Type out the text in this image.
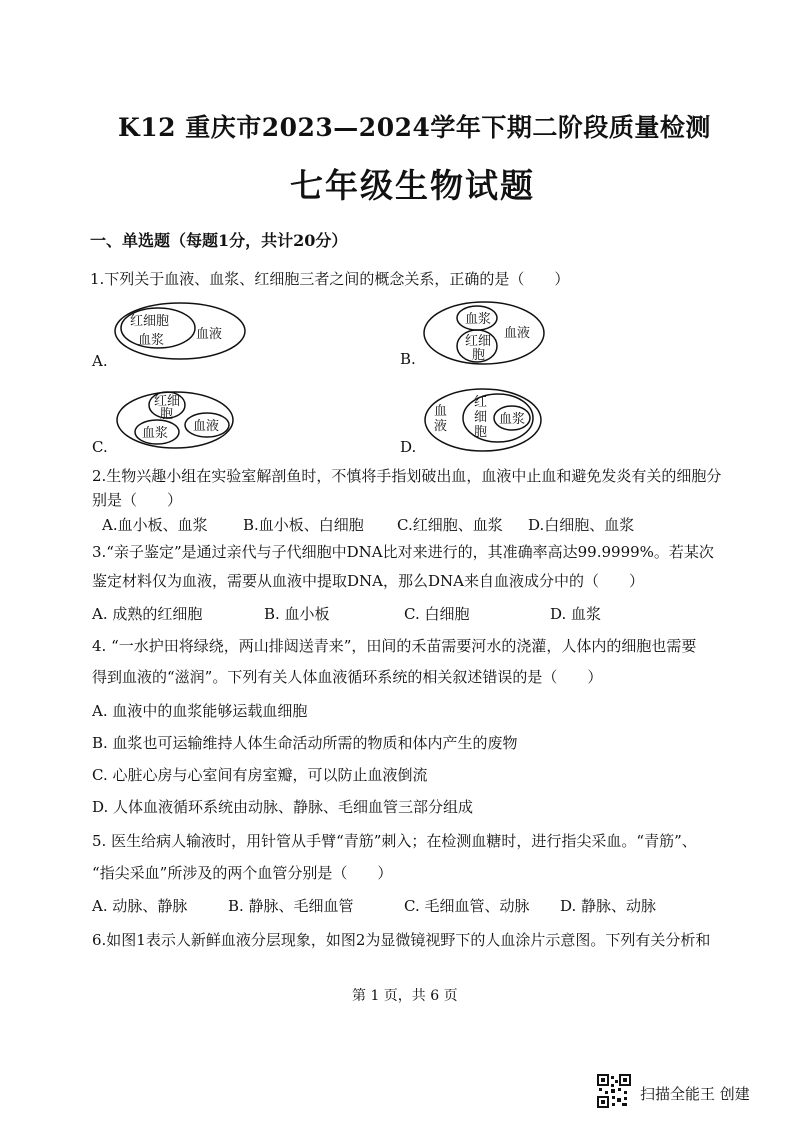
K12 重庆市2023—2024学年下期二阶段质量检测
七年级生物试题
一、单选题（每题1分，共计20分）
1.下列关于血液、血浆、红细胞三者之间的概念关系，正确的是（　　）
A.
红细胞
血浆 血液
B.
血浆
红细
胞
血液
C.
红细
胞
血浆 血液
D.
血
液
红
细
胞
血浆
2.生物兴趣小组在实验室解剖鱼时，不慎将手指划破出血，血液中止血和避免发炎有关的细胞分
别是（　　）
A.血小板、血浆 B.血小板、白细胞 C.红细胞、血浆 D.白细胞、血浆
3.“亲子鉴定”是通过亲代与子代细胞中DNA比对来进行的，其准确率高达99.9999%。若某次
鉴定材料仅为血液，需要从血液中提取DNA，那么DNA来自血液成分中的（　　）
A. 成熟的红细胞	B. 血小板	C. 白细胞	D. 血浆
4. “一水护田将绿绕，两山排闼送青来”，田间的禾苗需要河水的浇灌，人体内的细胞也需要
得到血液的“滋润”。下列有关人体血液循环系统的相关叙述错误的是（　　）
A. 血液中的血浆能够运载血细胞
B. 血浆也可运输维持人体生命活动所需的物质和体内产生的废物
C. 心脏心房与心室间有房室瓣，可以防止血液倒流
D. 人体血液循环系统由动脉、静脉、毛细血管三部分组成
5. 医生给病人输液时，用针管从手臂“青筋”刺入；在检测血糖时，进行指尖采血。“青筋”、
“指尖采血”所涉及的两个血管分别是（　　）
A. 动脉、静脉	B. 静脉、毛细血管	C. 毛细血管、动脉 D. 静脉、动脉
6.如图1表示人新鲜血液分层现象，如图2为显微镜视野下的人血涂片示意图。下列有关分析和
第 1 页，共 6 页
扫描全能王 创建
